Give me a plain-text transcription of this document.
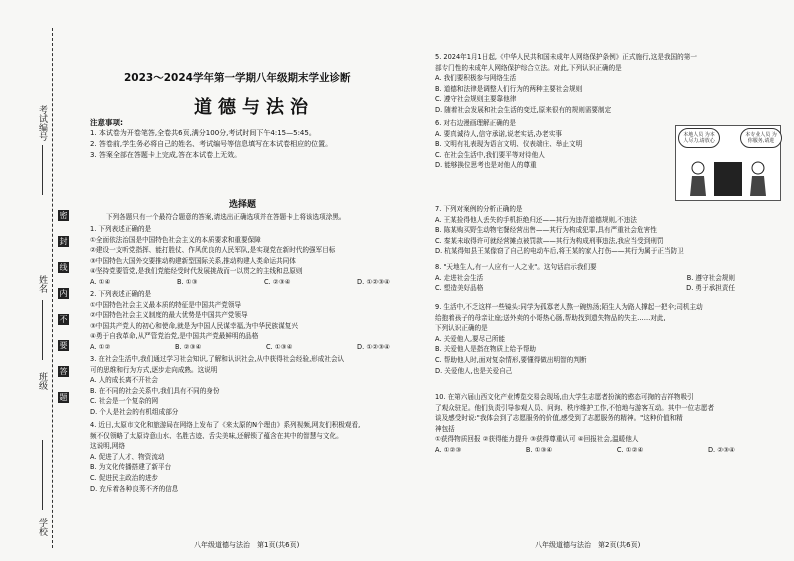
考试编号
姓名
班级
学校
密
封
线
内
不
要
答
题
2023～2024学年第一学期八年级期末学业诊断
道德与法治
注意事项:
1. 本试卷为开卷笔答,全卷共6页,满分100分,考试时间下午4:15—5:45。
2. 答卷前,学生务必将自己的姓名、考试编号等信息填写在本试卷相应的位置。
3. 答案全部在答题卡上完成,答在本试卷上无效。
选择题

下列各题只有一个最符合题意的答案,请选出正确选项并在答题卡上将该选项涂黑。

1. 下列表述正确的是

①全面依法治国是中国特色社会主义的本质要求和重要保障

②建设一支听党指挥、能打胜仗、作风优良的人民军队,是实现党在新时代的强军目标

③中国特色大国外交要推动构建新型国际关系,推动构建人类命运共同体

④坚持党要管党,是我们党能经受时代发展挑战而一以贯之的主线和总原则

A. ①④	B. ①③	C. ②③④	D. ①②③④

2. 下列表述正确的是

①中国特色社会主义最本质的特征是中国共产党领导

②中国特色社会主义制度的最大优势是中国共产党领导

③中国共产党人的初心和使命,就是为中国人民谋幸福,为中华民族谋复兴

④勇于自我革命,从严管党治党,是中国共产党最鲜明的品格

A. ①②	B. ②③④	C. ①③④	D. ①②③④

3. 在社会生活中,我们通过学习社会知识,了解和认识社会,从中获得社会经验,形成社会认

可的思维和行为方式,逐步走向成熟。这说明

A. 人的成长离不开社会

B. 在不同的社会关系中,我们具有不同的身份

C. 社会是一个复杂的网

D. 个人是社会的有机组成部分

4. 近日,太原市文化和旅游局在网络上发布了《来太原的N个理由》系列视频,网友们积极观看,

频不仅领略了太原诗意山水、名胜古迹、舌尖美味,还解锁了蕴含在其中的智慧与文化。

这说明,网络

A. 促进了人才、物资流动

B. 为文化传播搭建了新平台

C. 促进民主政治的进步

D. 充斥着各种良莠不齐的信息

八年级道德与法治　第1页(共6页)

5. 2024年1月1日起,《中华人民共和国未成年人网络保护条例》正式施行,这是我国的第一

部专门性的未成年人网络保护综合立法。对此,下列认识正确的是

A. 我们要积极参与网络生活

B. 道德和法律是调整人们行为的两种主要社会规则

C. 遵守社会规则主要靠他律

D. 随着社会发展和社会生活的变迁,原来很有的规则需要制定

6. 对右边漫画理解正确的是

A. 要真诚待人,信守承诺,说老实话,办老实事

B. 文明有礼表现为语言文明、仪表端庄、举止文明

C. 在社会生活中,我们要平等对待他人

D. 能够换位思考也是对他人的尊重

本地人员 为本人尽力,请放心
本专业人员 为你服务,请进

7. 下列对案例的分析正确的是

A. 王某捡得他人丢失的手机拒绝归还——其行为违背道德规则,不违法

B. 陈某购买野生动物宅餐经营出售——其行为构成犯罪,具有严重社会危害性

C. 秦某未取得许可就经营摊点被罚款——其行为构成刑事违法,我应当受到刑罚

D. 杭某得知县王某像窃了自己的电动车后,将王某的家人打伤——其行为属于正当防卫

8. "天地生人,有一人应有一人之业"。这句话启示我们要

A. 走进社会生活	B. 遵守社会规则
C. 塑造美好品格	D. 勇于承担责任

9. 生活中,不乏这样一些镜头:同学为孤寡老人熬一碗热汤;陌生人为路人撑起一把伞;司机主动

给抱着孩子的母亲让座;送外卖的小哥热心肠,帮助找到遗失物品的失主……对此,

下列认识正确的是

A. 关爱他人,要尽己所能

B. 关爱他人是指在物质上给予帮助

C. 帮助他人时,面对复杂情形,要懂得做出明智的判断

D. 关爱他人,也是关爱自己

10. 在第六届山西文化产业博览交易会现场,由大学生志愿者扮演的憨态可掬的吉祥物吸引

了观众驻足。他们负责引导参观人员、问询、秩序维护工作,不怕地与游客互动。其中一位志愿者

谈及感受时说:"我体会到了志愿服务的价值,感受到了志愿服务的精神。"这种价值和精

神包括

①获得物质回报 ②获得能力提升 ③获得尊重认可 ④回报社会,温暖他人

A. ①②③	B. ①③④	C. ①②④	D. ②③④
八年级道德与法治　第2页(共6页)
